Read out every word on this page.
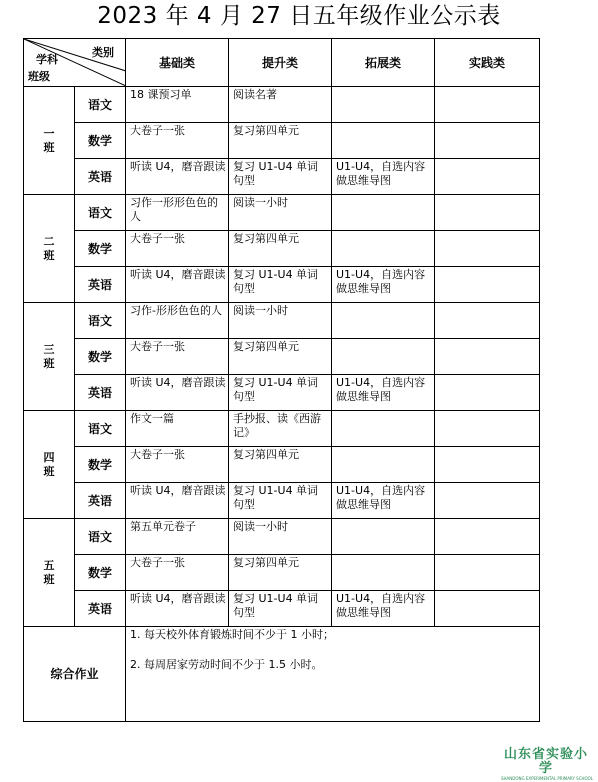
2023 年 4 月 27 日五年级作业公示表
类别
学科
班级		基础类	提升类	拓展类	实践类

一
班	语文	18 课预习单	阅读名著		
	数学	大卷子一张	复习第四单元		
	英语	听读 U4，磨音跟读	复习 U1-U4 单词句型	U1-U4，自选内容做思维导图	

二
班	语文	习作一形形色色的人	阅读一小时		
	数学	大卷子一张	复习第四单元		
	英语	听读 U4，磨音跟读	复习 U1-U4 单词句型	U1-U4，自选内容做思维导图	

三
班	语文	习作-形形色色的人	阅读一小时		
	数学	大卷子一张	复习第四单元		
	英语	听读 U4，磨音跟读	复习 U1-U4 单词句型	U1-U4，自选内容做思维导图	

四
班	语文	作文一篇	手抄报、读《西游记》		
	数学	大卷子一张	复习第四单元		
	英语	听读 U4，磨音跟读	复习 U1-U4 单词句型	U1-U4，自选内容做思维导图	

五
班	语文	第五单元卷子	阅读一小时		
	数学	大卷子一张	复习第四单元		
	英语	听读 U4，磨音跟读	复习 U1-U4 单词句型	U1-U4，自选内容做思维导图	
综合作业		1. 每天校外体育锻炼时间不少于 1 小时；

2. 每周居家劳动时间不少于 1.5 小时。			

山东省实验小学
SHANDONG EXPERIMENTAL PRIMARY SCHOOL
